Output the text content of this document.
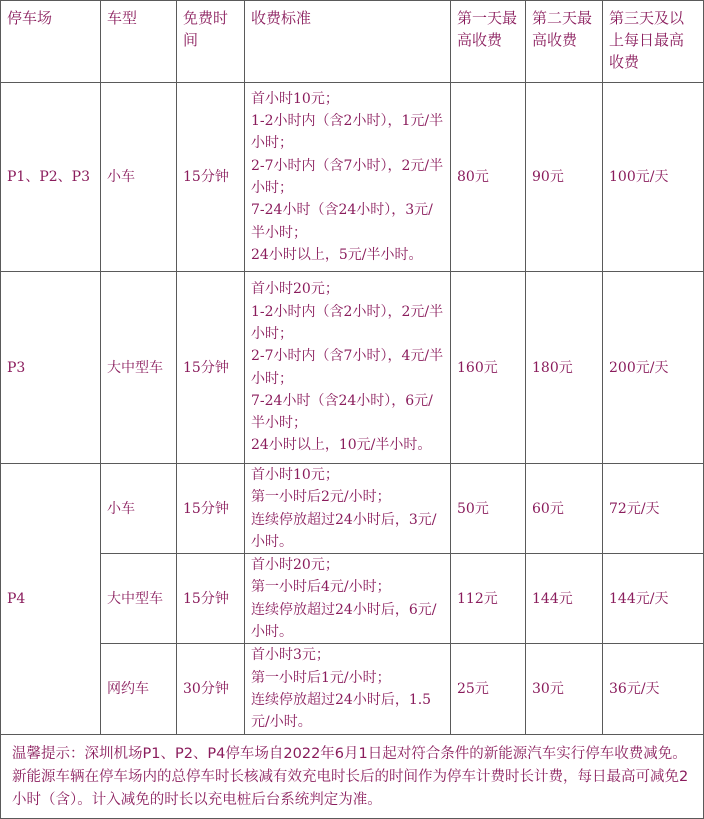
停车场	车型	免费时间	收费标准	第一天最高收费	第二天最高收费	第三天及以上每日最高收费
P1、P2、P3	小车	15分钟	首小时10元；
1-2小时内（含2小时），1元/半小时；
2-7小时内（含7小时），2元/半小时；
7-24小时（含24小时），3元/半小时；
24小时以上，5元/半小时。	80元	90元	100元/天
P3	大中型车	15分钟	首小时20元；
1-2小时内（含2小时），2元/半小时；
2-7小时内（含7小时），4元/半小时；
7-24小时（含24小时），6元/半小时；
24小时以上，10元/半小时。	160元	180元	200元/天
P4	小车	15分钟	首小时10元；
第一小时后2元/小时；
连续停放超过24小时后，3元/小时。	50元	60元	72元/天
	大中型车	15分钟	首小时20元；
第一小时后4元/小时；
连续停放超过24小时后，6元/小时。	112元	144元	144元/天
	网约车	30分钟	首小时3元；
第一小时后1元/小时；
连续停放超过24小时后，1.5元/小时。	25元	30元	36元/天
温馨提示：深圳机场P1、P2、P4停车场自2022年6月1日起对符合条件的新能源汽车实行停车收费减免。新能源车辆在停车场内的总停车时长核减有效充电时长后的时间作为停车计费时长计费，每日最高可减免2小时（含）。计入减免的时长以充电桩后台系统判定为准。						
